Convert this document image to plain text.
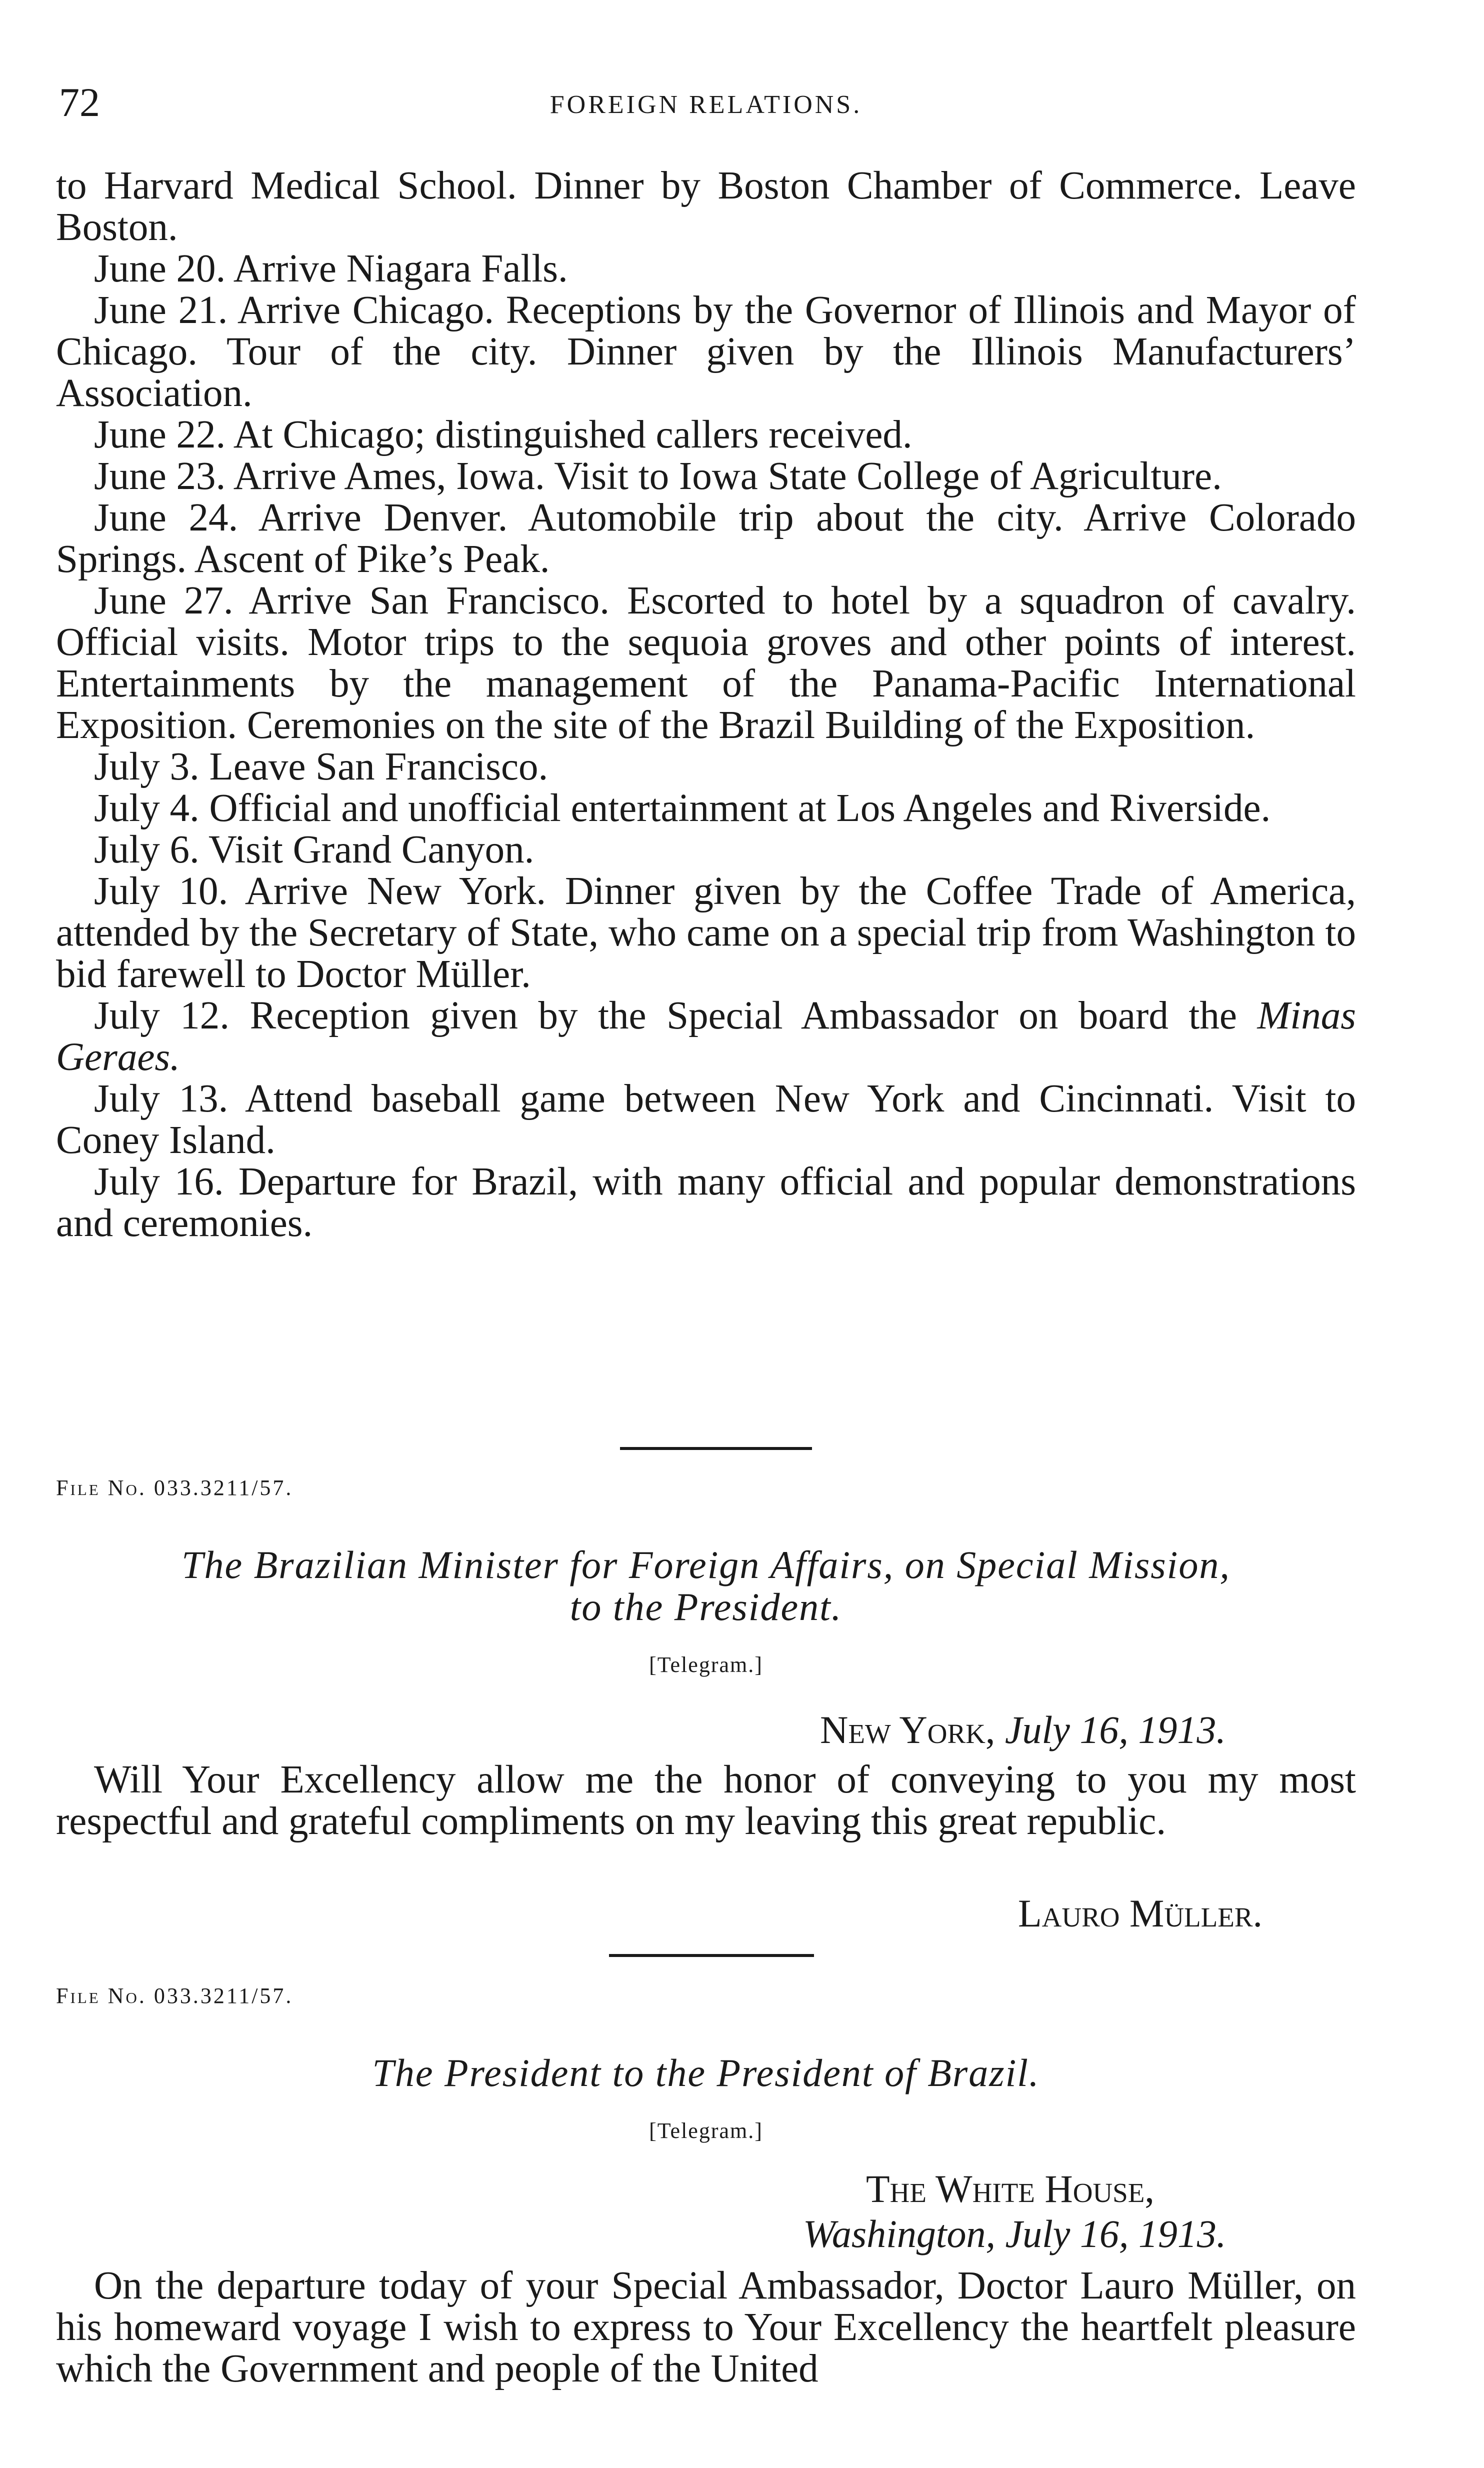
72	FOREIGN RELATIONS.

to Harvard Medical School. Dinner by Boston Chamber of Commerce. Leave Boston.

June 20. Arrive Niagara Falls.

June 21. Arrive Chicago. Receptions by the Governor of Illinois and Mayor of Chicago. Tour of the city. Dinner given by the Illinois Manufacturers’ Association.

June 22. At Chicago; distinguished callers received.

June 23. Arrive Ames, Iowa. Visit to Iowa State College of Agriculture.

June 24. Arrive Denver. Automobile trip about the city. Arrive Colorado Springs. Ascent of Pike’s Peak.

June 27. Arrive San Francisco. Escorted to hotel by a squadron of cavalry. Official visits. Motor trips to the sequoia groves and other points of interest. Entertainments by the management of the Panama-Pacific International Exposition. Ceremonies on the site of the Brazil Building of the Exposition.

July 3. Leave San Francisco.

July 4. Official and unofficial entertainment at Los Angeles and Riverside.

July 6. Visit Grand Canyon.

July 10. Arrive New York. Dinner given by the Coffee Trade of America, attended by the Secretary of State, who came on a special trip from Washington to bid farewell to Doctor Müller.

July 12. Reception given by the Special Ambassador on board the Minas Geraes.

July 13. Attend baseball game between New York and Cincinnati. Visit to Coney Island.

July 16. Departure for Brazil, with many official and popular demonstrations and ceremonies.

File No. 033.3211/57.
The Brazilian Minister for Foreign Affairs, on Special Mission,
to the President.
[Telegram.]
New York, July 16, 1913.

Will Your Excellency allow me the honor of conveying to you my most respectful and grateful compliments on my leaving this great republic.

Lauro Müller.
File No. 033.3211/57.
The President to the President of Brazil.
[Telegram.]
The White House,
Washington, July 16, 1913.

On the departure today of your Special Ambassador, Doctor Lauro Müller, on his homeward voyage I wish to express to Your Excellency the heartfelt pleasure which the Government and people of the United
